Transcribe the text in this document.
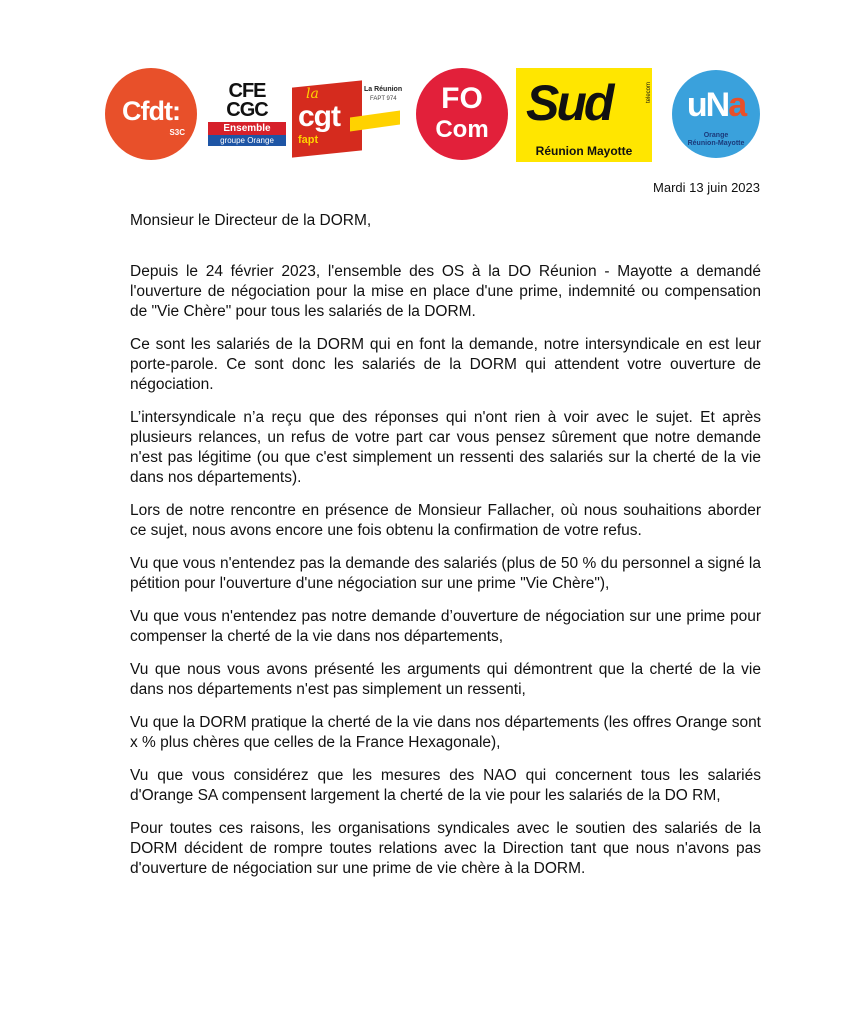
Cfdt:
S3C
CFE
CGC
Ensemble
groupe Orange
la
cgt
fapt
La Réunion
FAPT 974	FO
Com Sud	telecom
Réunion Mayotte
uNa
Orange
Réunion-Mayotte
Mardi 13 juin 2023

Monsieur le Directeur de la DORM,

Depuis le 24 février 2023, l'ensemble des OS à la DO Réunion - Mayotte a demandé l'ouverture de négociation pour la mise en place d'une prime, indemnité ou compensation de "Vie Chère" pour tous les salariés de la DORM.

Ce sont les salariés de la DORM qui en font la demande, notre intersyndicale en est leur porte-parole. Ce sont donc les salariés de la DORM qui attendent votre ouverture de négociation.

L’intersyndicale n’a reçu que des réponses qui n'ont rien à voir avec le sujet. Et après plusieurs relances, un refus de votre part car vous pensez sûrement que notre demande n'est pas légitime (ou que c'est simplement un ressenti des salariés sur la cherté de la vie dans nos départements).

Lors de notre rencontre en présence de Monsieur Fallacher, où nous souhaitions aborder ce sujet, nous avons encore une fois obtenu la confirmation de votre refus.

Vu que vous n'entendez pas la demande des salariés (plus de 50 % du personnel a signé la pétition pour l'ouverture d'une négociation sur une prime "Vie Chère"),

Vu que vous n'entendez pas notre demande d’ouverture de négociation sur une prime pour compenser la cherté de la vie dans nos départements,

Vu que nous vous avons présenté les arguments qui démontrent que la cherté de la vie dans nos départements n'est pas simplement un ressenti,

Vu que la DORM pratique la cherté de la vie dans nos départements (les offres Orange sont x % plus chères que celles de la France Hexagonale),

Vu que vous considérez que les mesures des NAO qui concernent tous les salariés d'Orange SA compensent largement la cherté de la vie pour les salariés de la DO RM,

Pour toutes ces raisons, les organisations syndicales avec le soutien des salariés de la DORM décident de rompre toutes relations avec la Direction tant que nous n'avons pas d'ouverture de négociation sur une prime de vie chère à la DORM.
